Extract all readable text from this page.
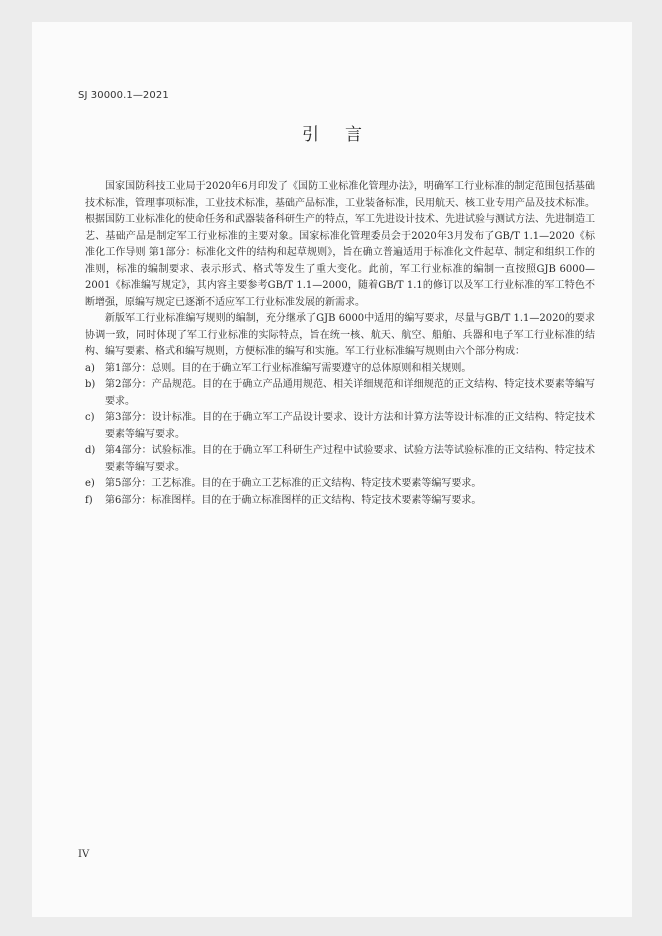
SJ 30000.1—2021
引言

国家国防科技工业局于2020年6月印发了《国防工业标准化管理办法》，明确军工行业标准的制定范围包括基础技术标准，管理事项标准，工业技术标准，基础产品标准，工业装备标准，民用航天、核工业专用产品及技术标准。根据国防工业标准化的使命任务和武器装备科研生产的特点，军工先进设计技术、先进试验与测试方法、先进制造工艺、基础产品是制定军工行业标准的主要对象。国家标准化管理委员会于2020年3月发布了GB/T 1.1—2020《标准化工作导则 第1部分：标准化文件的结构和起草规则》，旨在确立普遍适用于标准化文件起草、制定和组织工作的准则，标准的编制要求、表示形式、格式等发生了重大变化。此前，军工行业标准的编制一直按照GJB 6000—2001《标准编写规定》，其内容主要参考GB/T 1.1—2000，随着GB/T 1.1的修订以及军工行业标准的军工特色不断增强，原编写规定已逐渐不适应军工行业标准发展的新需求。

新版军工行业标准编写规则的编制，充分继承了GJB 6000中适用的编写要求，尽量与GB/T 1.1—2020的要求协调一致，同时体现了军工行业标准的实际特点，旨在统一核、航天、航空、船舶、兵器和电子军工行业标准的结构、编写要素、格式和编写规则，方便标准的编写和实施。军工行业标准编写规则由六个部分构成：

a)	第1部分：总则。目的在于确立军工行业标准编写需要遵守的总体原则和相关规则。
b) 第2部分：产品规范。目的在于确立产品通用规范、相关详细规范和详细规范的正文结构、特定技术要素等编写要求。
c)	第3部分：设计标准。目的在于确立军工产品设计要求、设计方法和计算方法等设计标准的正文结构、特定技术要素等编写要求。
d) 第4部分：试验标准。目的在于确立军工科研生产过程中试验要求、试验方法等试验标准的正文结构、特定技术要素等编写要求。
e)	第5部分：工艺标准。目的在于确立工艺标准的正文结构、特定技术要素等编写要求。
f)	第6部分：标准图样。目的在于确立标准图样的正文结构、特定技术要素等编写要求。
IV
